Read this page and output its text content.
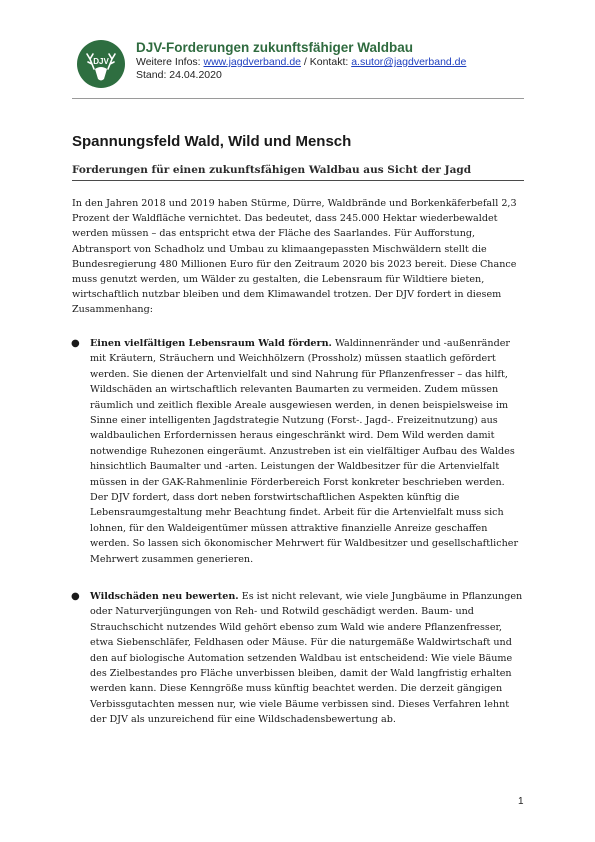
DJV
DJV-Forderungen zukunftsfähiger Waldbau
Weitere Infos: www.jagdverband.de / Kontakt: a.sutor@jagdverband.de
Stand: 24.04.2020
Spannungsfeld Wald, Wild und Mensch
Forderungen für einen zukunftsfähigen Waldbau aus Sicht der Jagd
In den Jahren 2018 und 2019 haben Stürme, Dürre, Waldbrände und Borkenkäferbefall 2,3
Prozent der Waldfläche vernichtet. Das bedeutet, dass 245.000 Hektar wiederbewaldet
werden müssen – das entspricht etwa der Fläche des Saarlandes. Für Aufforstung,
Abtransport von Schadholz und Umbau zu klimaangepassten Mischwäldern stellt die
Bundesregierung 480 Millionen Euro für den Zeitraum 2020 bis 2023 bereit. Diese Chance
muss genutzt werden, um Wälder zu gestalten, die Lebensraum für Wildtiere bieten,
wirtschaftlich nutzbar bleiben und dem Klimawandel trotzen. Der DJV fordert in diesem
Zusammenhang:
● Einen vielfältigen Lebensraum Wald fördern. Waldinnenränder und -außenränder
mit Kräutern, Sträuchern und Weichhölzern (Prossholz) müssen staatlich gefördert
werden. Sie dienen der Artenvielfalt und sind Nahrung für Pflanzenfresser – das hilft,
Wildschäden an wirtschaftlich relevanten Baumarten zu vermeiden. Zudem müssen
räumlich und zeitlich flexible Areale ausgewiesen werden, in denen beispielsweise im
Sinne einer intelligenten Jagdstrategie Nutzung (Forst-. Jagd-. Freizeitnutzung) aus
waldbaulichen Erfordernissen heraus eingeschränkt wird. Dem Wild werden damit
notwendige Ruhezonen eingeräumt. Anzustreben ist ein vielfältiger Aufbau des Waldes
hinsichtlich Baumalter und -arten. Leistungen der Waldbesitzer für die Artenvielfalt
müssen in der GAK-Rahmenlinie Förderbereich Forst konkreter beschrieben werden.
Der DJV fordert, dass dort neben forstwirtschaftlichen Aspekten künftig die
Lebensraumgestaltung mehr Beachtung findet. Arbeit für die Artenvielfalt muss sich
lohnen, für den Waldeigentümer müssen attraktive finanzielle Anreize geschaffen
werden. So lassen sich ökonomischer Mehrwert für Waldbesitzer und gesellschaftlicher
Mehrwert zusammen generieren.
● Wildschäden neu bewerten. Es ist nicht relevant, wie viele Jungbäume in Pflanzungen
oder Naturverjüngungen von Reh- und Rotwild geschädigt werden. Baum- und
Strauchschicht nutzendes Wild gehört ebenso zum Wald wie andere Pflanzenfresser,
etwa Siebenschläfer, Feldhasen oder Mäuse. Für die naturgemäße Waldwirtschaft und
den auf biologische Automation setzenden Waldbau ist entscheidend: Wie viele Bäume
des Zielbestandes pro Fläche unverbissen bleiben, damit der Wald langfristig erhalten
werden kann. Diese Kenngröße muss künftig beachtet werden. Die derzeit gängigen
Verbissgutachten messen nur, wie viele Bäume verbissen sind. Dieses Verfahren lehnt
der DJV als unzureichend für eine Wildschadensbewertung ab.
1
